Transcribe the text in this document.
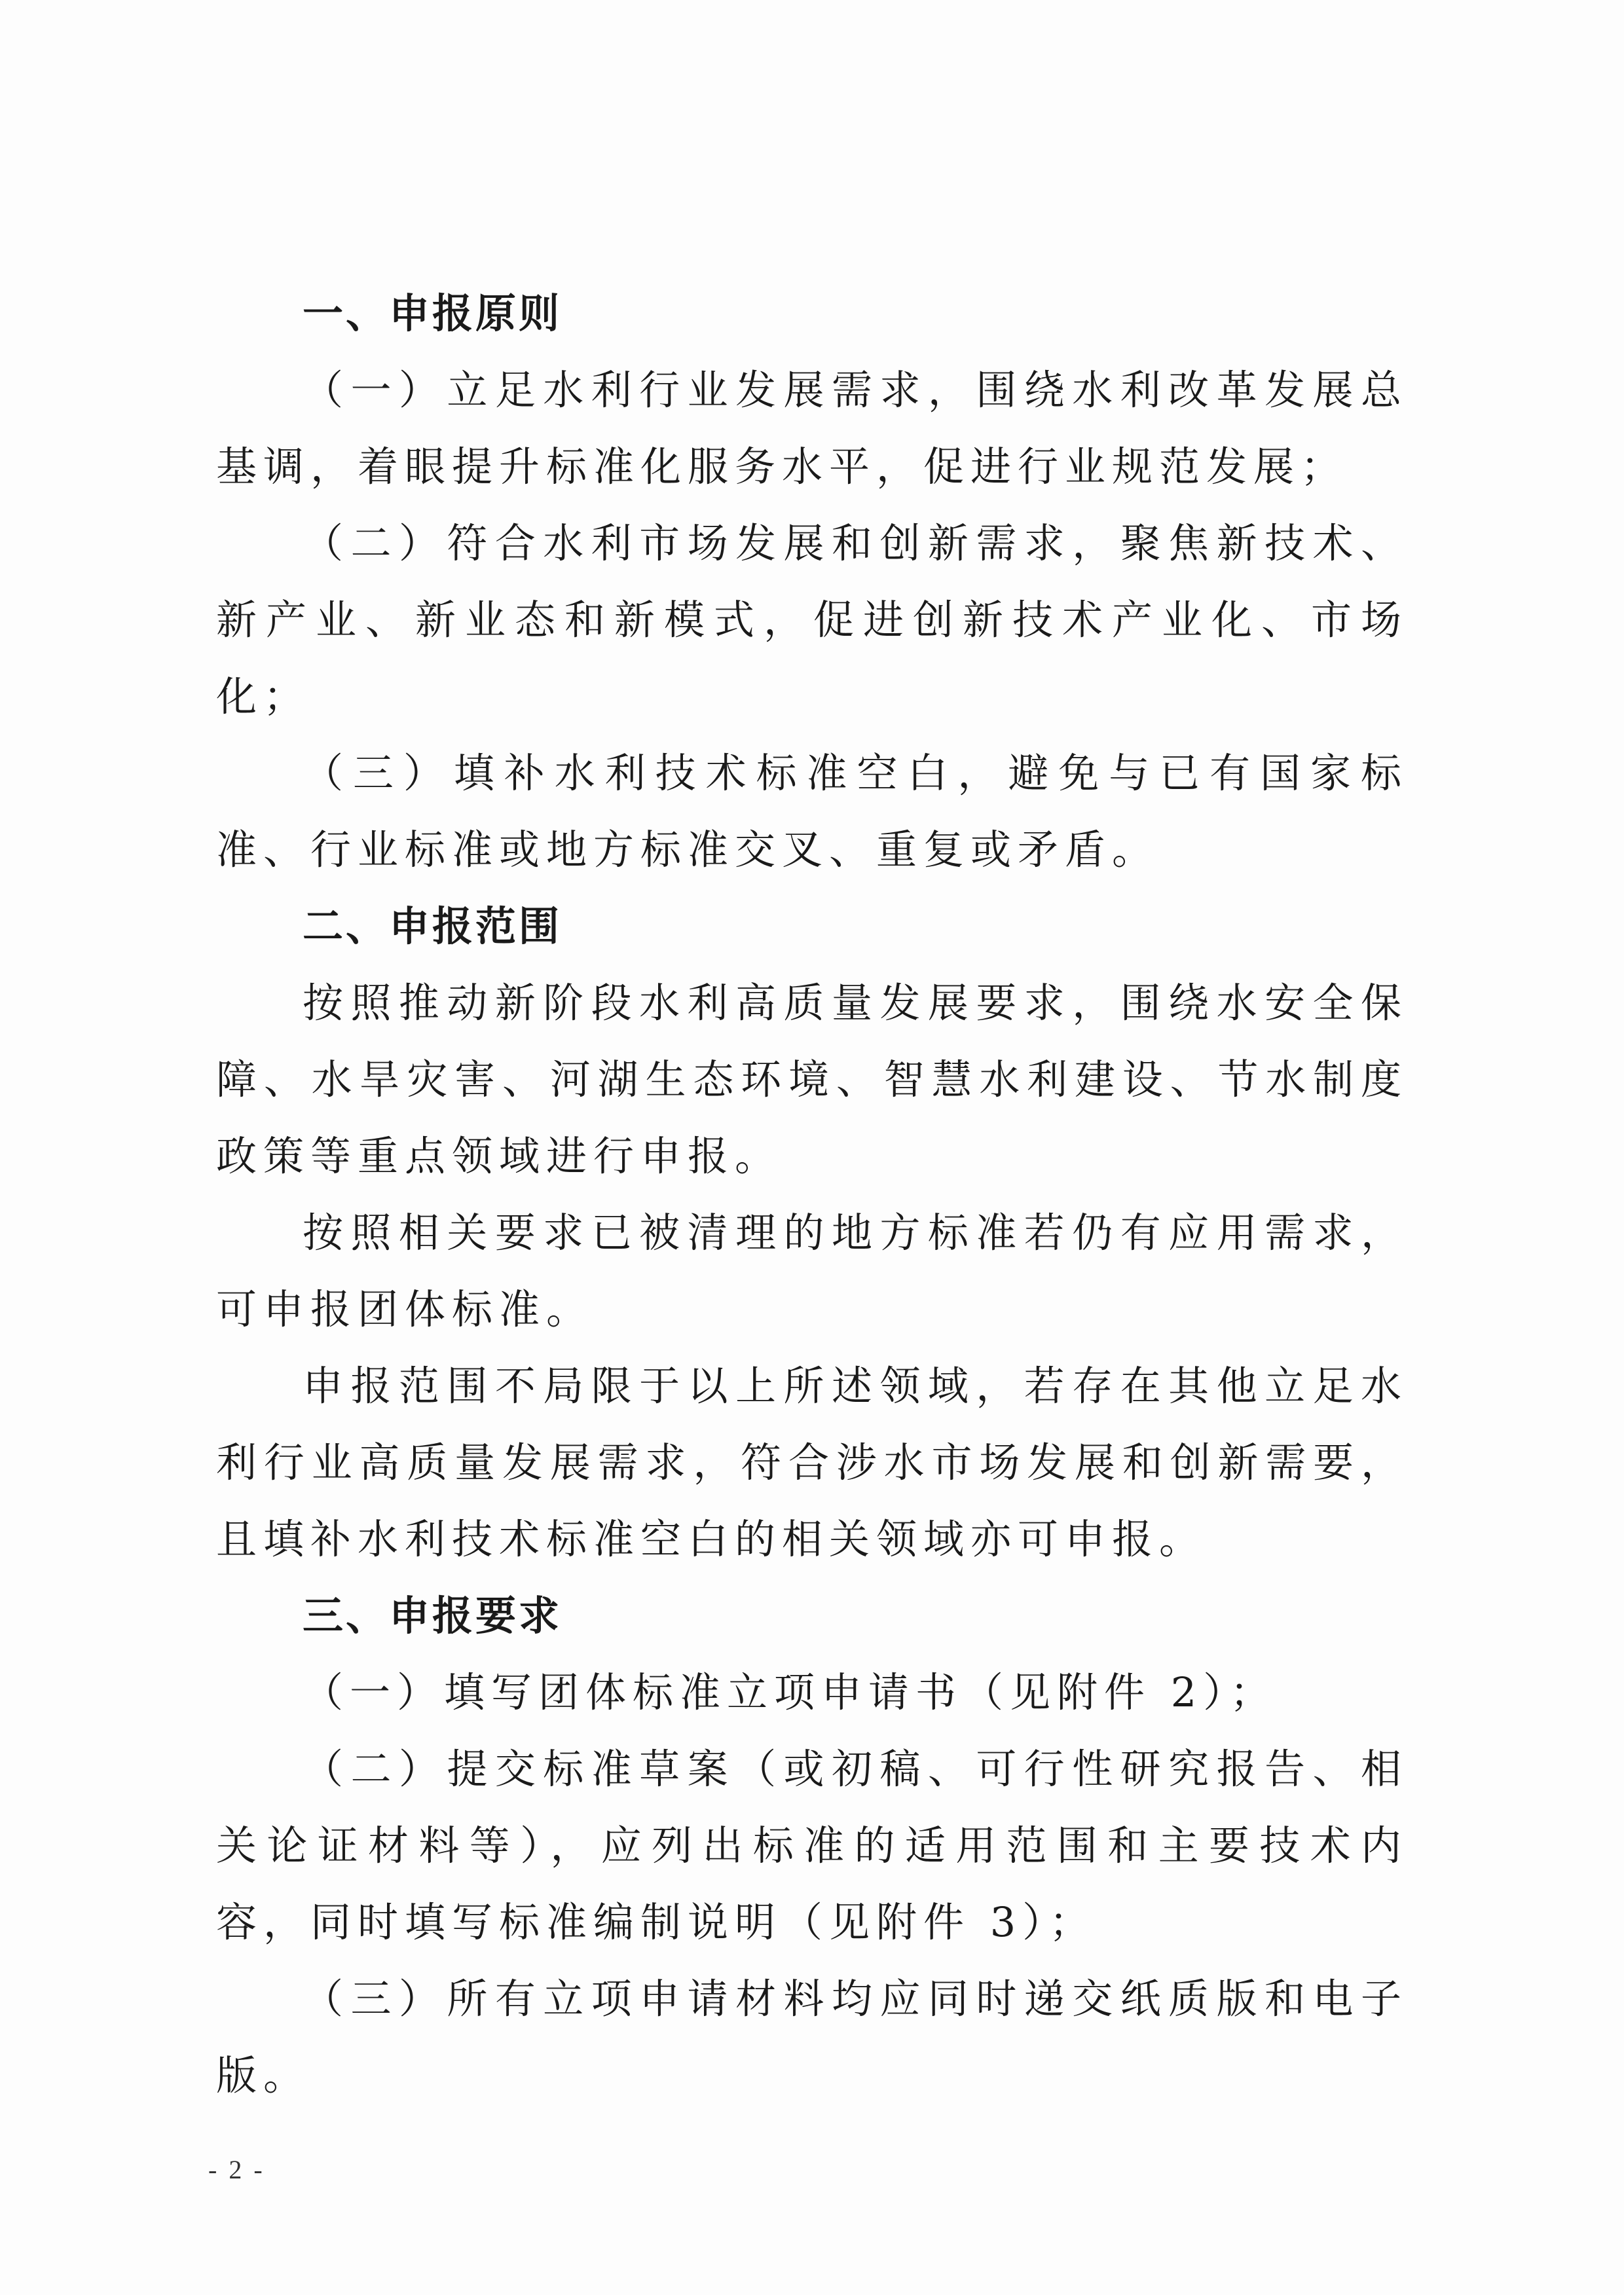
一、申报原则

（一）立足水利行业发展需求，围绕水利改革发展总基调，着眼提升标准化服务水平，促进行业规范发展；

（二）符合水利市场发展和创新需求，聚焦新技术、新产业、新业态和新模式，促进创新技术产业化、市场化；

（三）填补水利技术标准空白，避免与已有国家标准、行业标准或地方标准交叉、重复或矛盾。

二、申报范围

按照推动新阶段水利高质量发展要求，围绕水安全保障、水旱灾害、河湖生态环境、智慧水利建设、节水制度政策等重点领域进行申报。

按照相关要求已被清理的地方标准若仍有应用需求，可申报团体标准。

申报范围不局限于以上所述领域，若存在其他立足水利行业高质量发展需求，符合涉水市场发展和创新需要，且填补水利技术标准空白的相关领域亦可申报。

三、申报要求

（一）填写团体标准立项申请书（见附件 2）；

（二）提交标准草案（或初稿、可行性研究报告、相关论证材料等），应列出标准的适用范围和主要技术内容，同时填写标准编制说明（见附件 3）；

（三）所有立项申请材料均应同时递交纸质版和电子版。

- 2 -
